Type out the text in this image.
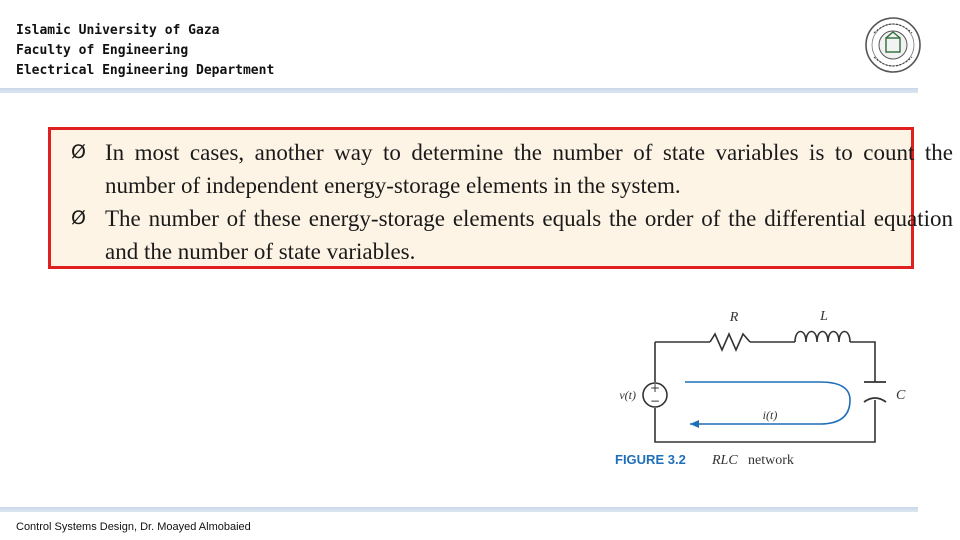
Islamic University of Gaza
Faculty of Engineering
Electrical Engineering Department
Ø In most cases, another way to determine the number of state variables is to count the number of independent energy-storage elements in the system.
Ø The number of these energy-storage elements equals the order of the differential equation and the number of state variables.
+
−
R	L
C
v(t)
i(t)
FIGURE 3.2 RLC network
Control Systems Design, Dr. Moayed Almobaied
